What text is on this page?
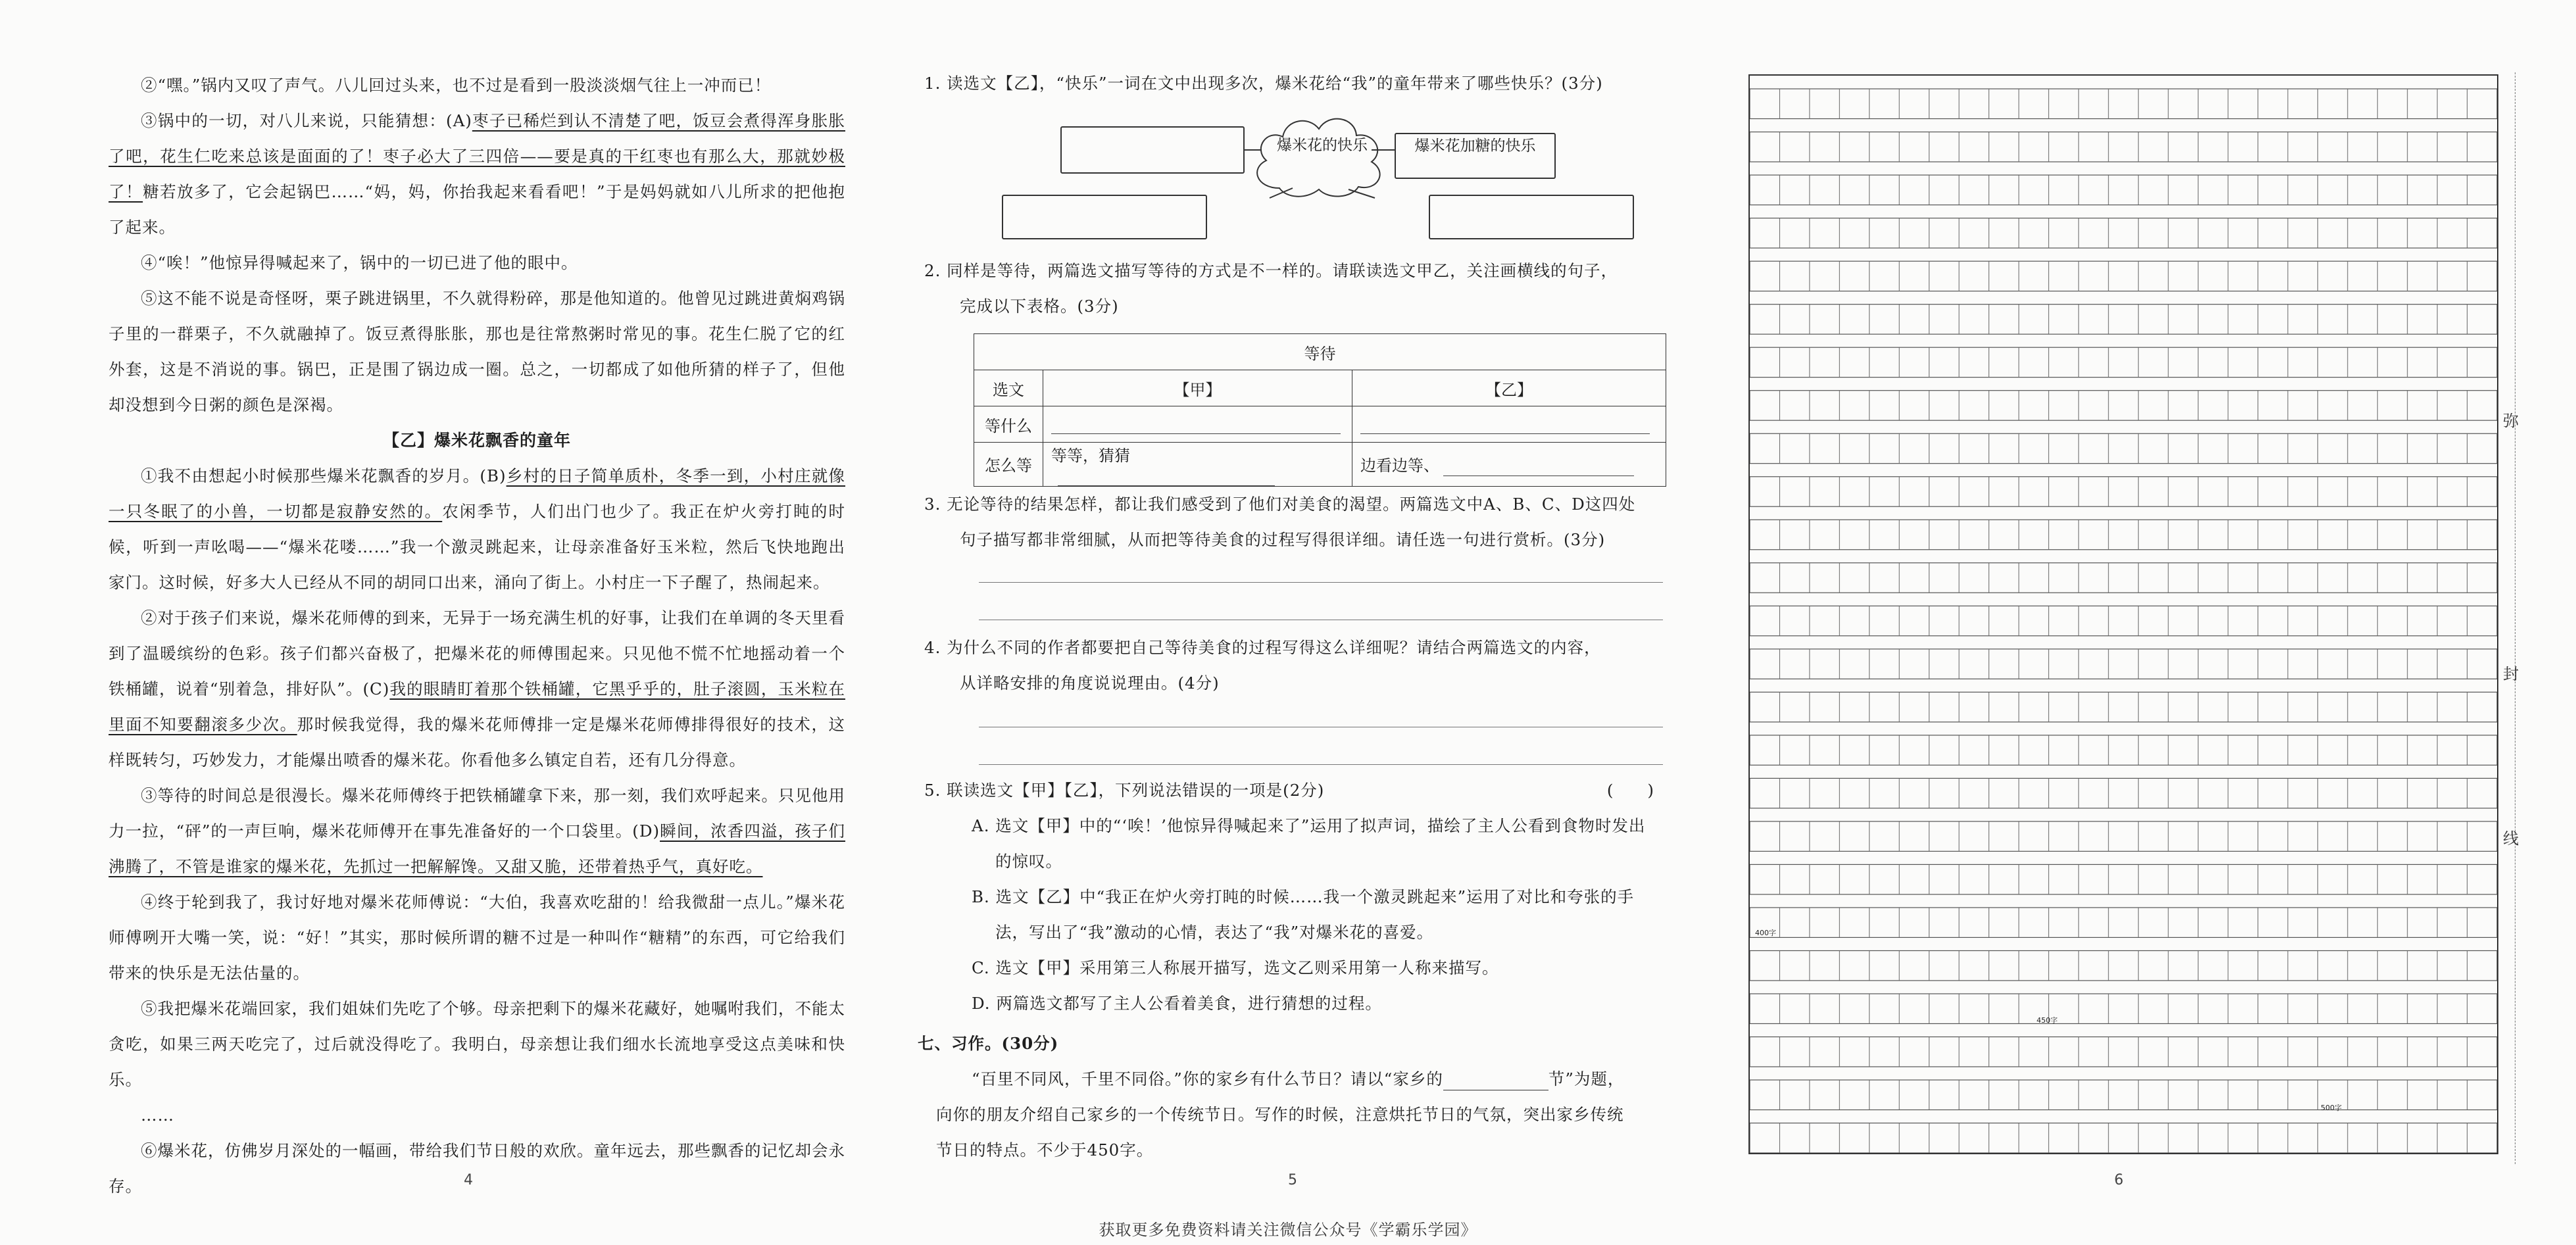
②“嘿。”锅内又叹了声气。八儿回过头来，也不过是看到一股淡淡烟气往上一冲而已！

③锅中的一切，对八儿来说，只能猜想：(A)枣子已稀烂到认不清楚了吧，饭豆会煮得浑身胀胀了吧，花生仁吃来总该是面面的了！枣子必大了三四倍——要是真的干红枣也有那么大，那就妙极了！糖若放多了，它会起锅巴……“妈，妈，你抬我起来看看吧！”于是妈妈就如八儿所求的把他抱了起来。

④“唉！”他惊异得喊起来了，锅中的一切已进了他的眼中。

⑤这不能不说是奇怪呀，栗子跳进锅里，不久就得粉碎，那是他知道的。他曾见过跳进黄焖鸡锅子里的一群栗子，不久就融掉了。饭豆煮得胀胀，那也是往常熬粥时常见的事。花生仁脱了它的红外套，这是不消说的事。锅巴，正是围了锅边成一圈。总之，一切都成了如他所猜的样子了，但他却没想到今日粥的颜色是深褐。

【乙】爆米花飘香的童年

①我不由想起小时候那些爆米花飘香的岁月。(B)乡村的日子简单质朴，冬季一到，小村庄就像一只冬眠了的小兽，一切都是寂静安然的。农闲季节，人们出门也少了。我正在炉火旁打盹的时候，听到一声吆喝——“爆米花喽……”我一个激灵跳起来，让母亲准备好玉米粒，然后飞快地跑出家门。这时候，好多大人已经从不同的胡同口出来，涌向了街上。小村庄一下子醒了，热闹起来。

②对于孩子们来说，爆米花师傅的到来，无异于一场充满生机的好事，让我们在单调的冬天里看到了温暖缤纷的色彩。孩子们都兴奋极了，把爆米花的师傅围起来。只见他不慌不忙地摇动着一个铁桶罐，说着“别着急，排好队”。(C)我的眼睛盯着那个铁桶罐，它黑乎乎的，肚子滚圆，玉米粒在里面不知要翻滚多少次。那时候我觉得，我的爆米花师傅排一定是爆米花师傅排得很好的技术，这样既转匀，巧妙发力，才能爆出喷香的爆米花。你看他多么镇定自若，还有几分得意。

③等待的时间总是很漫长。爆米花师傅终于把铁桶罐拿下来，那一刻，我们欢呼起来。只见他用力一拉，“砰”的一声巨响，爆米花师傅开在事先准备好的一个口袋里。(D)瞬间，浓香四溢，孩子们沸腾了，不管是谁家的爆米花，先抓过一把解解馋。又甜又脆，还带着热乎气，真好吃。

④终于轮到我了，我讨好地对爆米花师傅说：“大伯，我喜欢吃甜的！给我微甜一点儿。”爆米花师傅咧开大嘴一笑，说：“好！”其实，那时候所谓的糖不过是一种叫作“糖精”的东西，可它给我们带来的快乐是无法估量的。

⑤我把爆米花端回家，我们姐妹们先吃了个够。母亲把剩下的爆米花藏好，她嘱咐我们，不能太贪吃，如果三两天吃完了，过后就没得吃了。我明白，母亲想让我们细水长流地享受这点美味和快乐。

……

⑥爆米花，仿佛岁月深处的一幅画，带给我们节日般的欢欣。童年远去，那些飘香的记忆却会永存。	4
1. 读选文【乙】，“快乐”一词在文中出现多次，爆米花给“我”的童年带来了哪些快乐？(3分)
爆米花加糖的快乐
爆米花的快乐
2. 同样是等待，两篇选文描写等待的方式是不一样的。请联读选文甲乙，关注画横线的句子，
完成以下表格。(3分)
等待		
选文	【甲】	【乙】
等什么		
怎么等	等等，猜猜	边看边等、
3. 无论等待的结果怎样，都让我们感受到了他们对美食的渴望。两篇选文中A、B、C、D这四处
句子描写都非常细腻，从而把等待美食的过程写得很详细。请任选一句进行赏析。(3分)
4. 为什么不同的作者都要把自己等待美食的过程写得这么详细呢？请结合两篇选文的内容，
从详略安排的角度说说理由。(4分)
5. 联读选文【甲】【乙】，下列说法错误的一项是(2分)	(　　)
A. 选文【甲】中的“‘唉！’他惊异得喊起来了”运用了拟声词，描绘了主人公看到食物时发出
的惊叹。
B. 选文【乙】中“我正在炉火旁打盹的时候……我一个激灵跳起来”运用了对比和夸张的手
法，写出了“我”激动的心情，表达了“我”对爆米花的喜爱。
C. 选文【甲】采用第三人称展开描写，选文乙则采用第一人称来描写。
D. 两篇选文都写了主人公看着美食，进行猜想的过程。
七、习作。(30分)
“百里不同风，千里不同俗。”你的家乡有什么节日？请以“家乡的	节”为题，
向你的朋友介绍自己家乡的一个传统节日。写作的时候，注意烘托节日的气氛，突出家乡传统
节日的特点。不少于450字。
5
400字
450字
500字
弥
封
线
6
获取更多免费资料请关注微信公众号《学霸乐学园》
